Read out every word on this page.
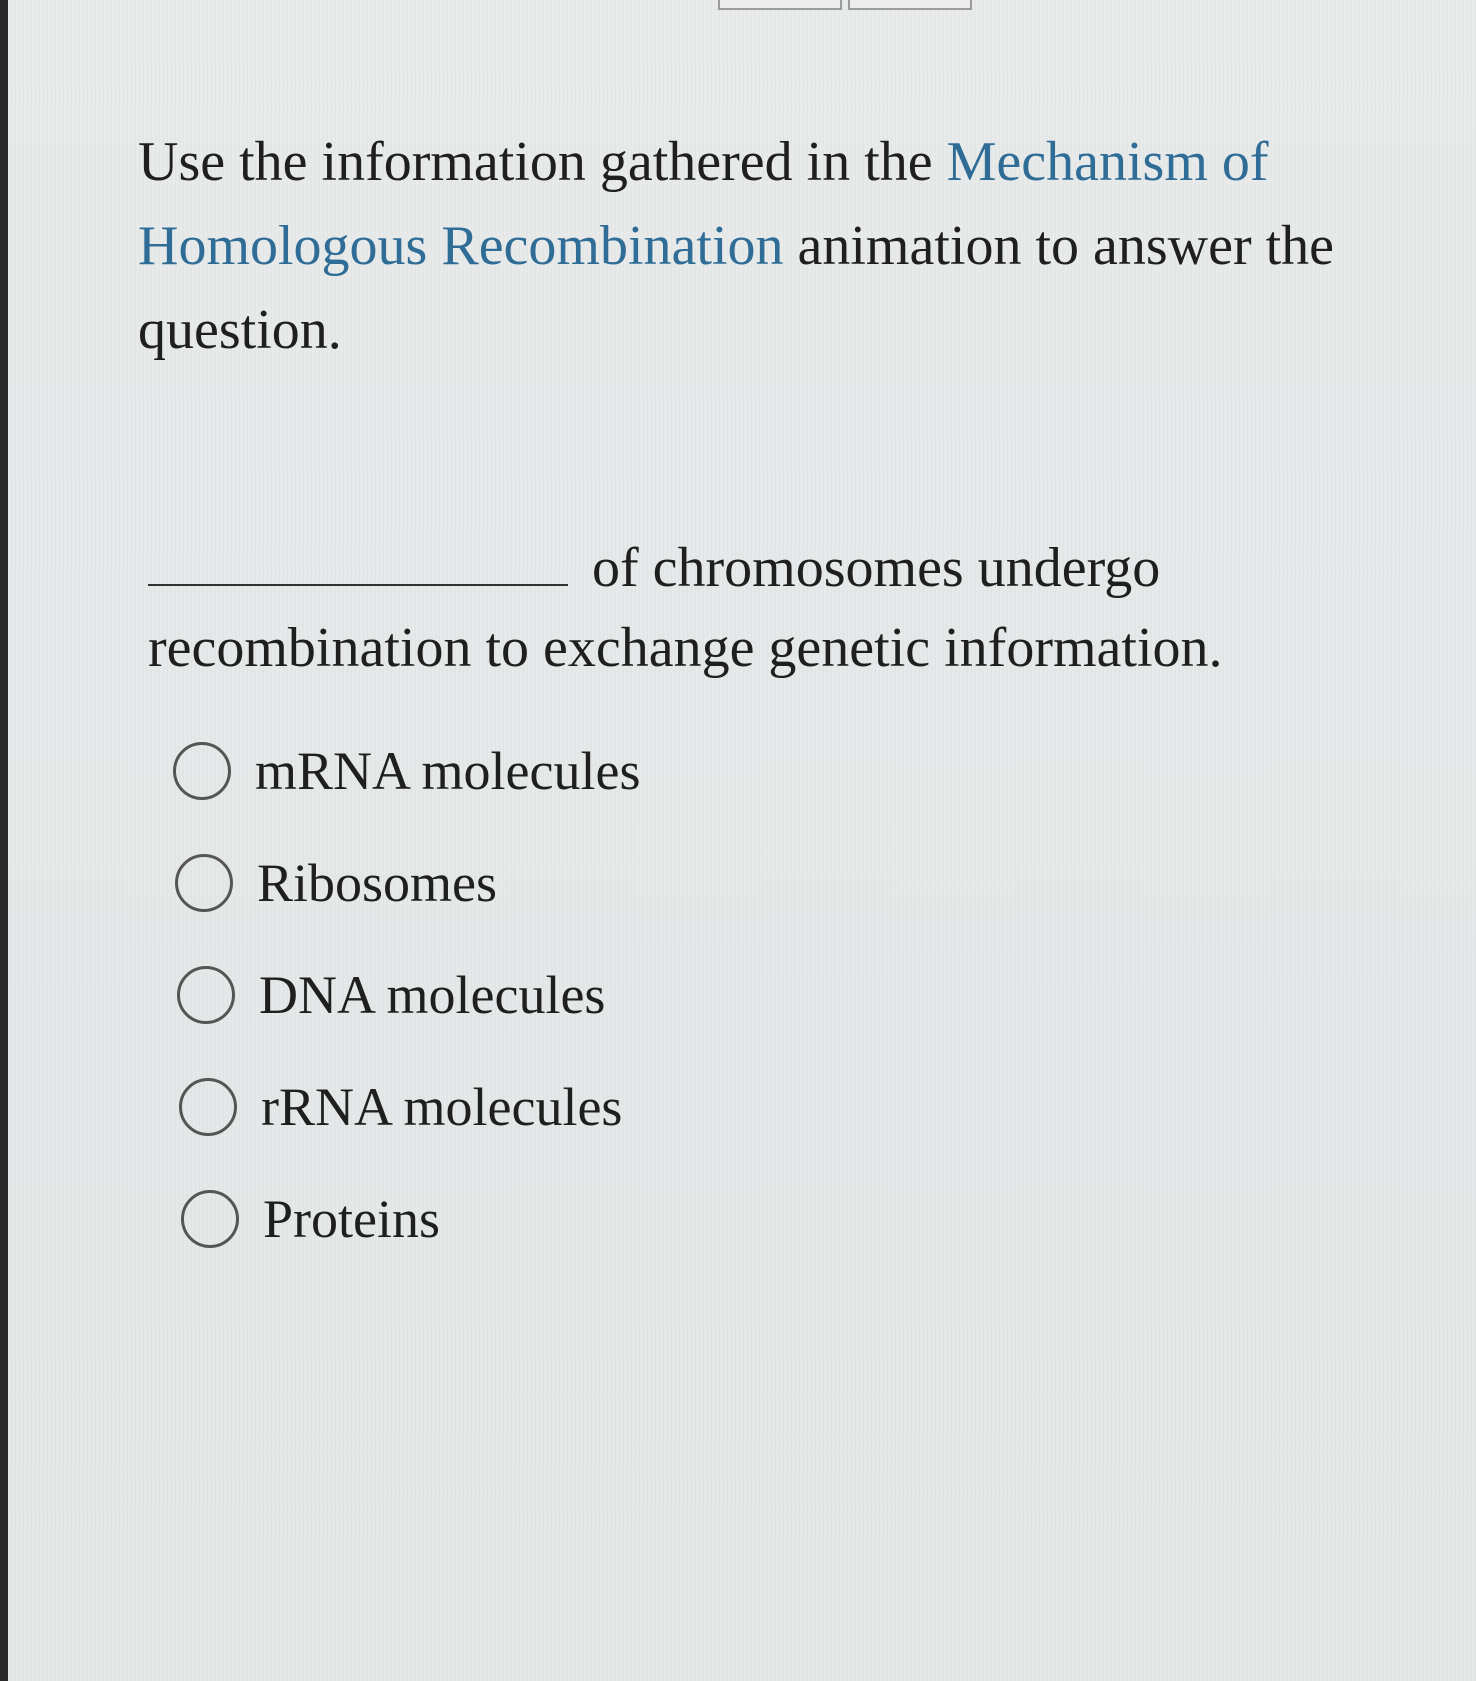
Use the information gathered in the Mechanism of Homologous Recombination animation to answer the question.

of chromosomes undergo recombination to exchange genetic information.

mRNA molecules
Ribosomes
DNA molecules
rRNA molecules
Proteins
